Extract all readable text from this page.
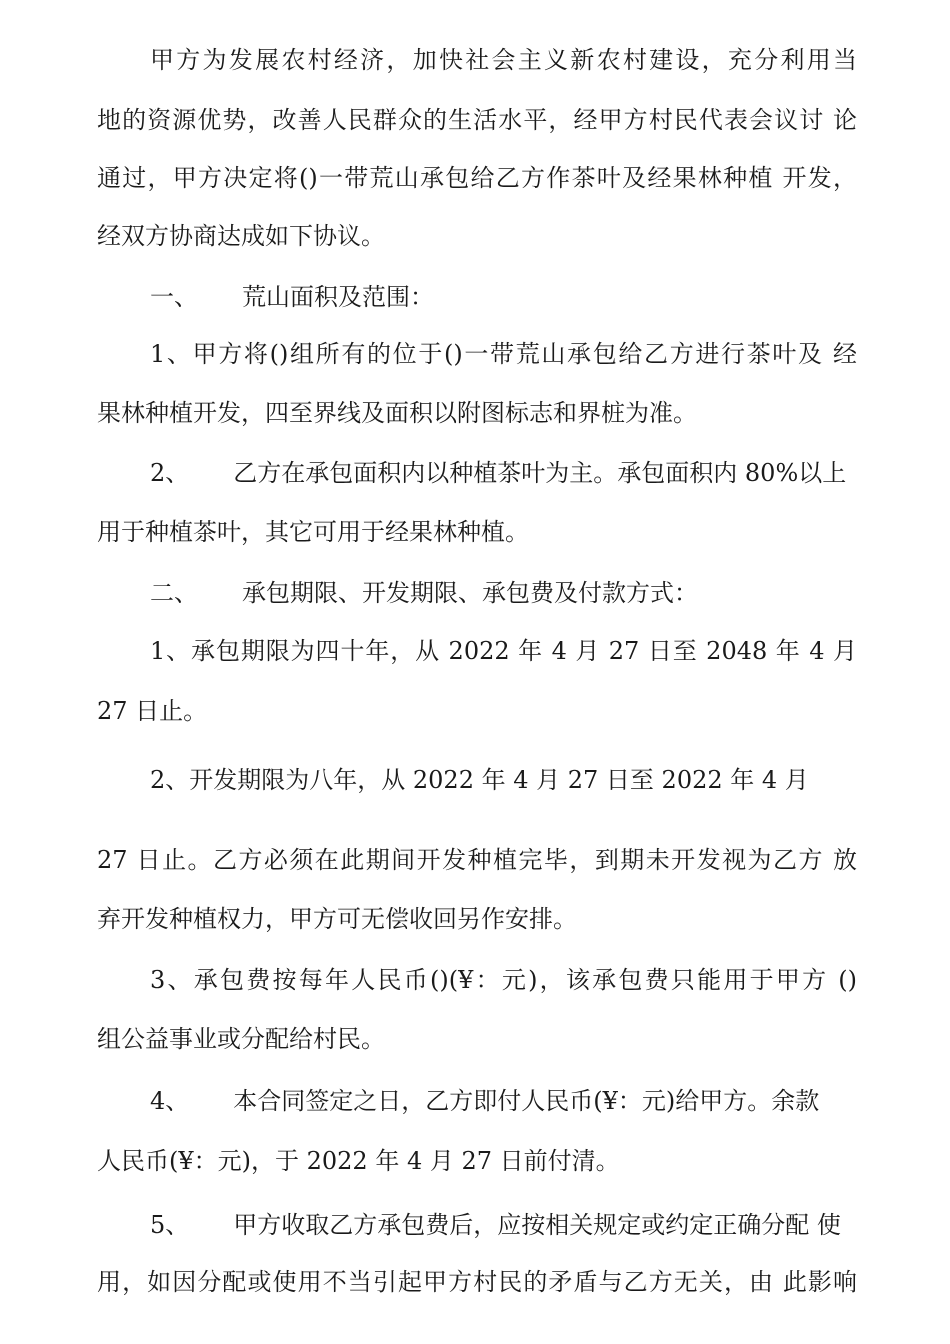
甲方为发展农村经济，加快社会主义新农村建设，充分利用当
地的资源优势，改善人民群众的生活水平，经甲方村民代表会议讨 论
通过，甲方决定将()一带荒山承包给乙方作茶叶及经果林种植 开发，
经双方协商达成如下协议。
一、 荒山面积及范围：
1、甲方将()组所有的位于()一带荒山承包给乙方进行茶叶及 经
果林种植开发，四至界线及面积以附图标志和界桩为准。
2、 乙方在承包面积内以种植茶叶为主。承包面积内 80%以上
用于种植茶叶，其它可用于经果林种植。
二、 承包期限、开发期限、承包费及付款方式：
1、承包期限为四十年，从 2022 年 4 月 27 日至 2048 年 4 月
27 日止。
2、开发期限为八年，从 2022 年 4 月 27 日至 2022 年 4 月
27 日止。乙方必须在此期间开发种植完毕，到期未开发视为乙方 放
弃开发种植权力，甲方可无偿收回另作安排。
3、承包费按每年人民币()(¥：元)，该承包费只能用于甲方 ()
组公益事业或分配给村民。
4、 本合同签定之日，乙方即付人民币(¥：元)给甲方。余款
人民币(¥：元)，于 2022 年 4 月 27 日前付清。
5、 甲方收取乙方承包费后，应按相关规定或约定正确分配 使
用，如因分配或使用不当引起甲方村民的矛盾与乙方无关，由 此影响
